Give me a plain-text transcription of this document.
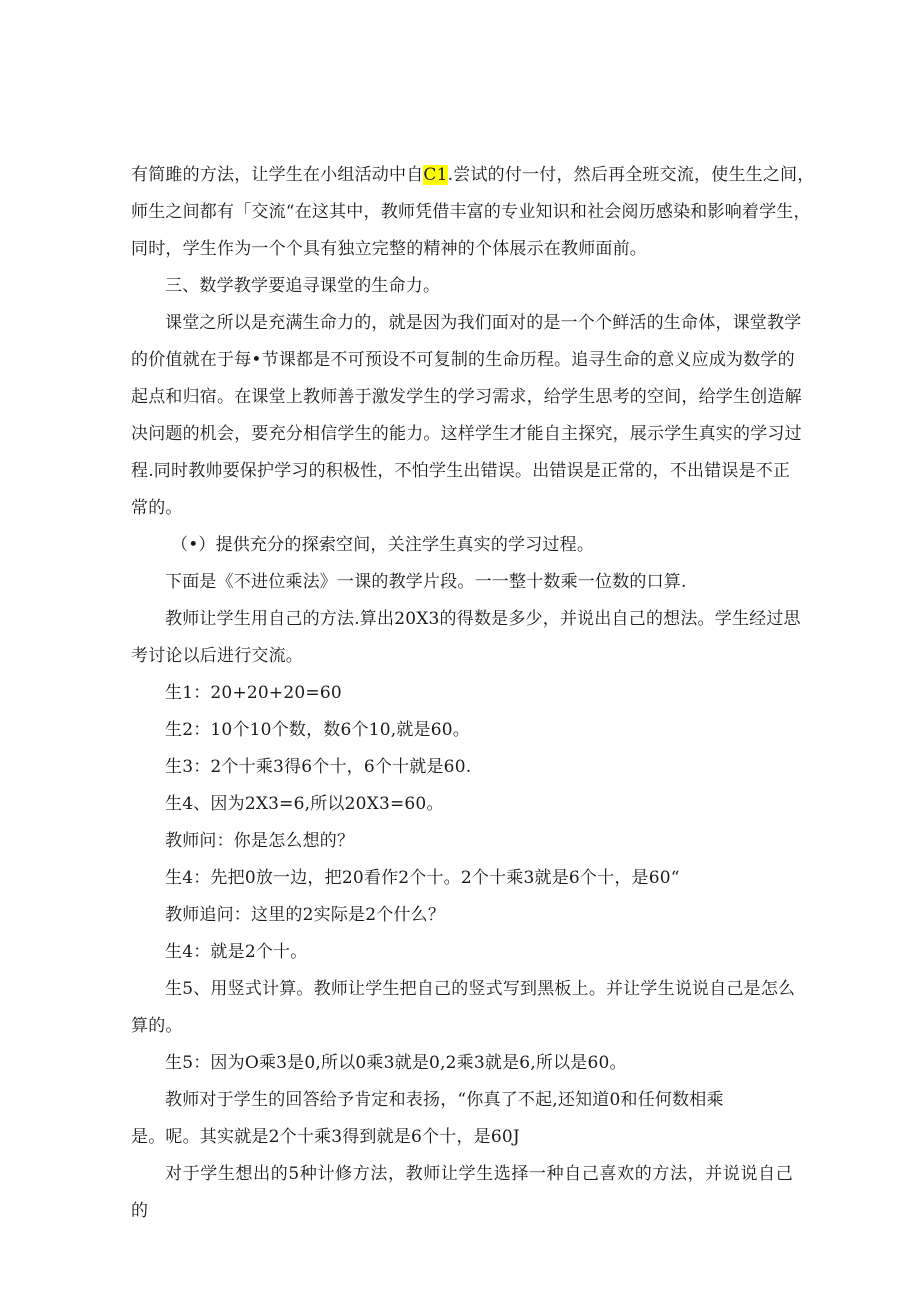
有简雎的方法，让学生在小组活动中自C1.尝试的付一付，然后再全班交流，使生生之间，
师生之间都有「交流“在这其中，教师凭借丰富的专业知识和社会阅历感染和影响着学生，
同时，学生作为一个个具有独立完整的精神的个体展示在教师面前。

三、数学教学要追寻课堂的生命力。

课堂之所以是充满生命力的，就是因为我们面对的是一个个鲜活的生命体，课堂教学
的价值就在于每•节课都是不可预设不可复制的生命历程。追寻生命的意义应成为数学的
起点和归宿。在课堂上教师善于激发学生的学习需求，给学生思考的空间，给学生创造解
决问题的机会，要充分相信学生的能力。这样学生才能自主探究，展示学生真实的学习过
程.同时教帅要保护学习的积极性，不怕学生出错误。出错误是正常的，不出错误是不正
常的。

（•）提供充分的探索空间，关注学生真实的学习过程。

下面是《不进位乘法》一课的教学片段。一一整十数乘一位数的口算.

教师让学生用自己的方法.算出20X3的得数是多少，并说出自己的想法。学生经过思
考讨论以后进行交流。

生1：20+20+20=60

生2：10个10个数，数6个10,就是60。

生3：2个十乘3得6个十，6个十就是60.

生4、因为2X3=6,所以20X3=60。

教师问：你是怎么想的？

生4：先把0放一边，把20看作2个十。2个十乘3就是6个十，是60“

教师追问：这里的2实际是2个什么？

生4：就是2个十。

生5、用竖式计算。教师让学生把自己的竖式写到黑板上。并让学生说说自己是怎么
算的。

生5：因为O乘3是0,所以0乘3就是0,2乘3就是6,所以是60。

教师对于学生的回答给予肯定和表扬，“你真了不起,还知道0和任何数相乘
是。呢。其实就是2个十乘3得到就是6个十，是60J

对于学生想出的5种计修方法，教师让学生选择一种自己喜欢的方法，并说说自己的
